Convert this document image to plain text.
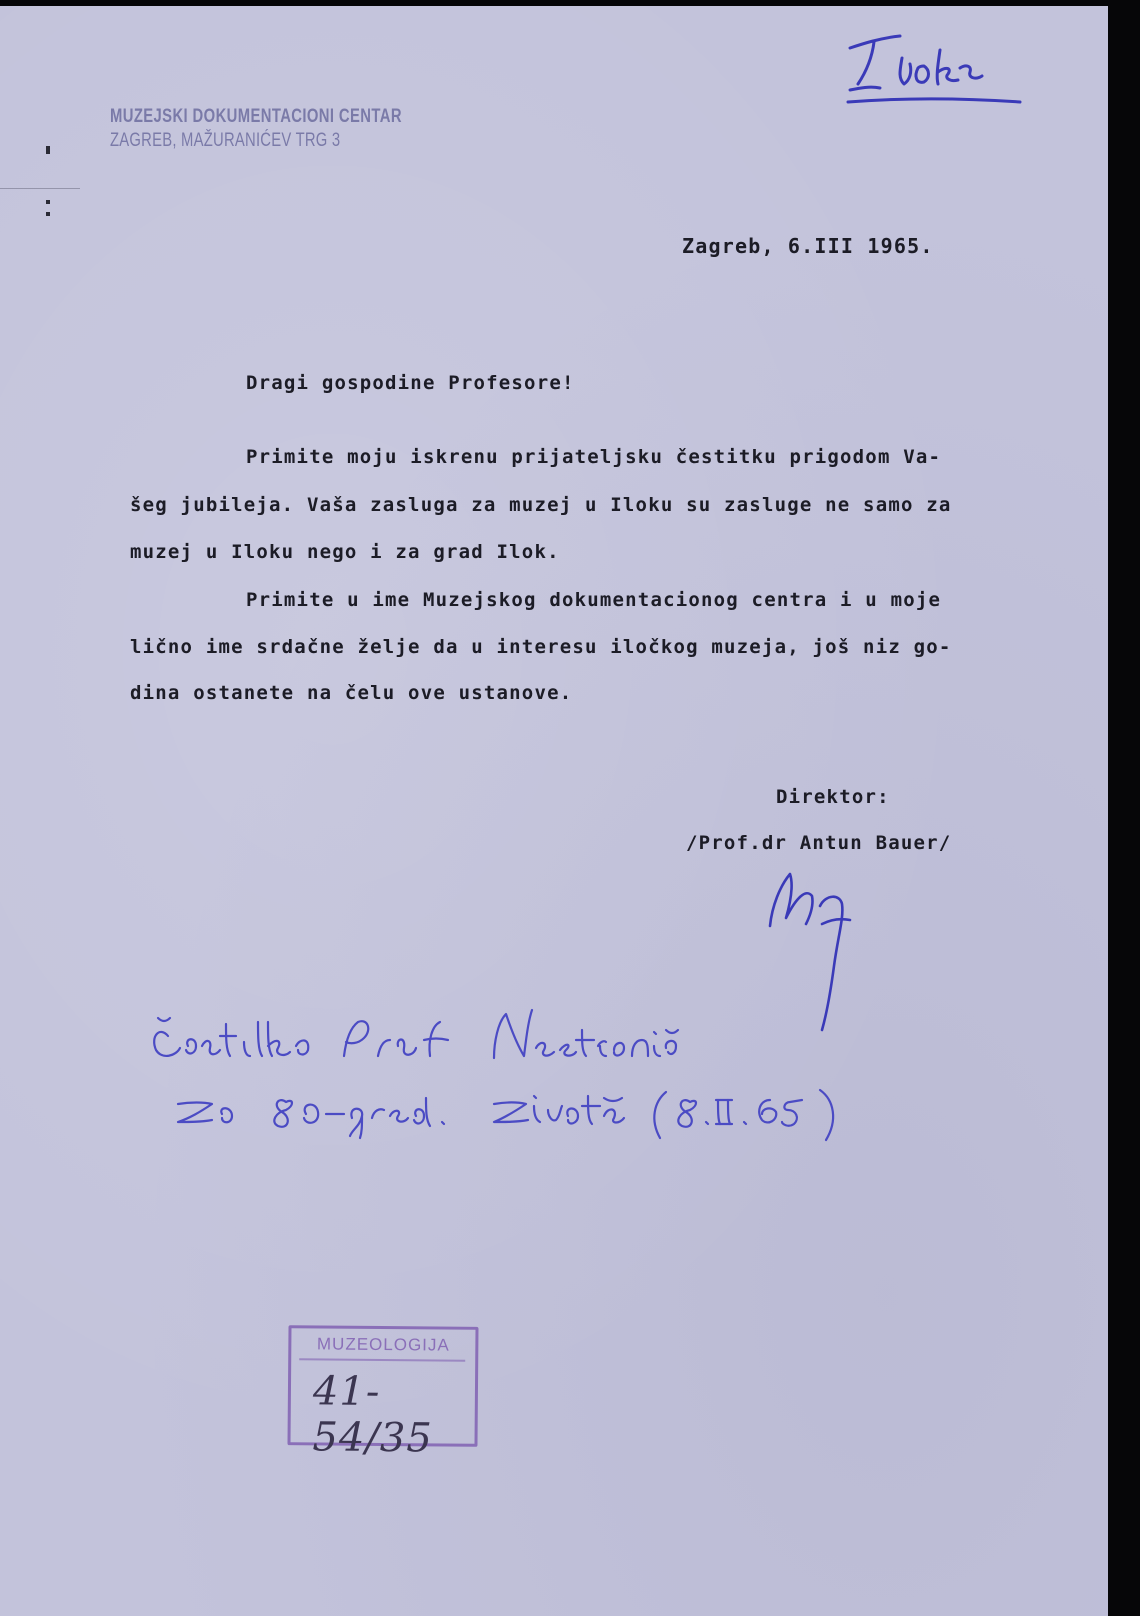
MUZEJSKI DOKUMENTACIONI CENTAR
ZAGREB, MAŽURANIĆEV TRG 3
Zagreb, 6.III 1965.
Dragi gospodine Profesore!
Primite moju iskrenu prijateljsku čestitku prigodom Va-
šeg jubileja. Vaša zasluga za muzej u Iloku su zasluge ne samo za
muzej u Iloku nego i za grad Ilok.
Primite u ime Muzejskog dokumentacionog centra i u moje
lično ime srdačne želje da u interesu iločkog muzeja, još niz go-
dina ostanete na čelu ove ustanove.
Direktor:
/Prof.dr Antun Bauer/
MUZEOLOGIJA
41-54/35
